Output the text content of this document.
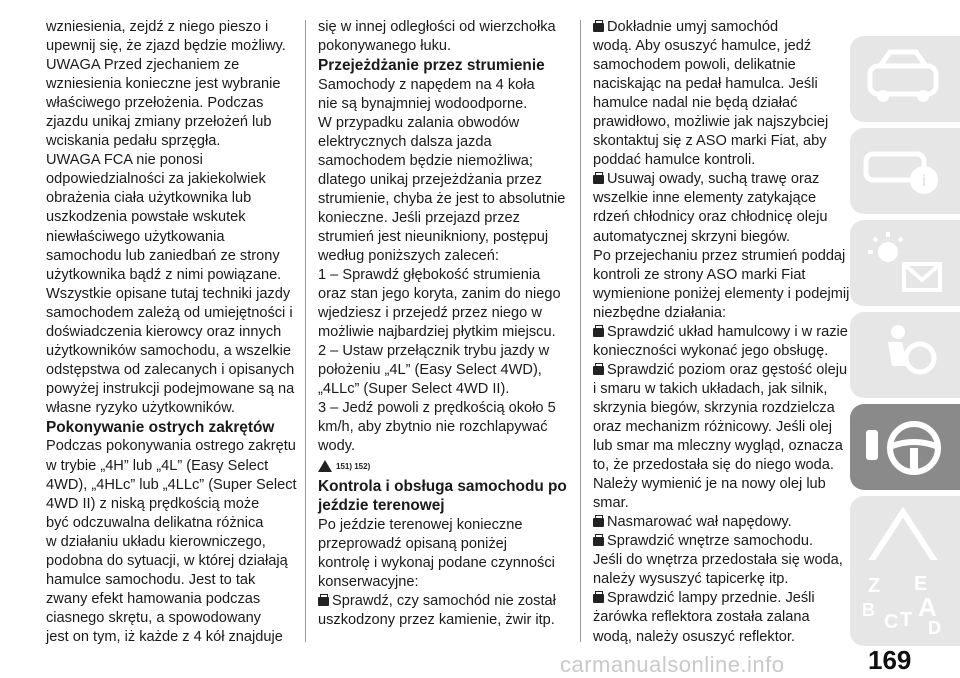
wzniesienia, zejdź z niego pieszo i
upewnij się, że zjazd będzie możliwy.
UWAGA Przed zjechaniem ze
wzniesienia konieczne jest wybranie
właściwego przełożenia. Podczas
zjazdu unikaj zmiany przełożeń lub
wciskania pedału sprzęgła.
UWAGA FCA nie ponosi
odpowiedzialności za jakiekolwiek
obrażenia ciała użytkownika lub
uszkodzenia powstałe wskutek
niewłaściwego użytkowania
samochodu lub zaniedbań ze strony
użytkownika bądź z nimi powiązane.
Wszystkie opisane tutaj techniki jazdy
samochodem zależą od umiejętności i
doświadczenia kierowcy oraz innych
użytkowników samochodu, a wszelkie
odstępstwa od zalecanych i opisanych
powyżej instrukcji podejmowane są na
własne ryzyko użytkowników.
Pokonywanie ostrych zakrętów
Podczas pokonywania ostrego zakrętu
w trybie „4H” lub „4L” (Easy Select
4WD), „4HLc” lub „4LLc” (Super Select
4WD II) z niską prędkością może
być odczuwalna delikatna różnica
w działaniu układu kierowniczego,
podobna do sytuacji, w której działają
hamulce samochodu. Jest to tak
zwany efekt hamowania podczas
ciasnego skrętu, a spowodowany
jest on tym, iż każde z 4 kół znajduje
się w innej odległości od wierzchołka
pokonywanego łuku.
Przejeżdżanie przez strumienie
Samochody z napędem na 4 koła
nie są bynajmniej wodoodporne.
W przypadku zalania obwodów
elektrycznych dalsza jazda
samochodem będzie niemożliwa;
dlatego unikaj przejeżdżania przez
strumienie, chyba że jest to absolutnie
konieczne. Jeśli przejazd przez
strumień jest nieunikniony, postępuj
według poniższych zaleceń:
1 – Sprawdź głębokość strumienia
oraz stan jego koryta, zanim do niego
wjedziesz i przejedź przez niego w
możliwie najbardziej płytkim miejscu.
2 – Ustaw przełącznik trybu jazdy w
położeniu „4L” (Easy Select 4WD),
„4LLc” (Super Select 4WD II).
3 – Jedź powoli z prędkością około 5
km/h, aby zbytnio nie rozchlapywać
wody.
151) 152)
Kontrola i obsługa samochodu po
jeździe terenowej
Po jeździe terenowej konieczne
przeprowadź opisaną poniżej
kontrolę i wykonaj podane czynności
konserwacyjne:
Sprawdź, czy samochód nie został
uszkodzony przez kamienie, żwir itp.
Dokładnie umyj samochód
wodą. Aby osuszyć hamulce, jedź
samochodem powoli, delikatnie
naciskając na pedał hamulca. Jeśli
hamulce nadal nie będą działać
prawidłowo, możliwie jak najszybciej
skontaktuj się z ASO marki Fiat, aby
poddać hamulce kontroli.
Usuwaj owady, suchą trawę oraz
wszelkie inne elementy zatykające
rdzeń chłodnicy oraz chłodnicę oleju
automatycznej skrzyni biegów.
Po przejechaniu przez strumień poddaj
kontroli ze strony ASO marki Fiat
wymienione poniżej elementy i podejmij
niezbędne działania:
Sprawdzić układ hamulcowy i w razie
konieczności wykonać jego obsługę.
Sprawdzić poziom oraz gęstość oleju
i smaru w takich układach, jak silnik,
skrzynia biegów, skrzynia rozdzielcza
oraz mechanizm różnicowy. Jeśli olej
lub smar ma mleczny wygląd, oznacza
to, że przedostała się do niego woda.
Należy wymienić je na nowy olej lub
smar.
Nasmarować wał napędowy.
Sprawdzić wnętrze samochodu.
Jeśli do wnętrza przedostała się woda,
należy wysuszyć tapicerkę itp.
Sprawdzić lampy przednie. Jeśli
żarówka reflektora została zalana
wodą, należy osuszyć reflektor.
i
Z E
B
C T A
D
carmanualsonline.info	169
